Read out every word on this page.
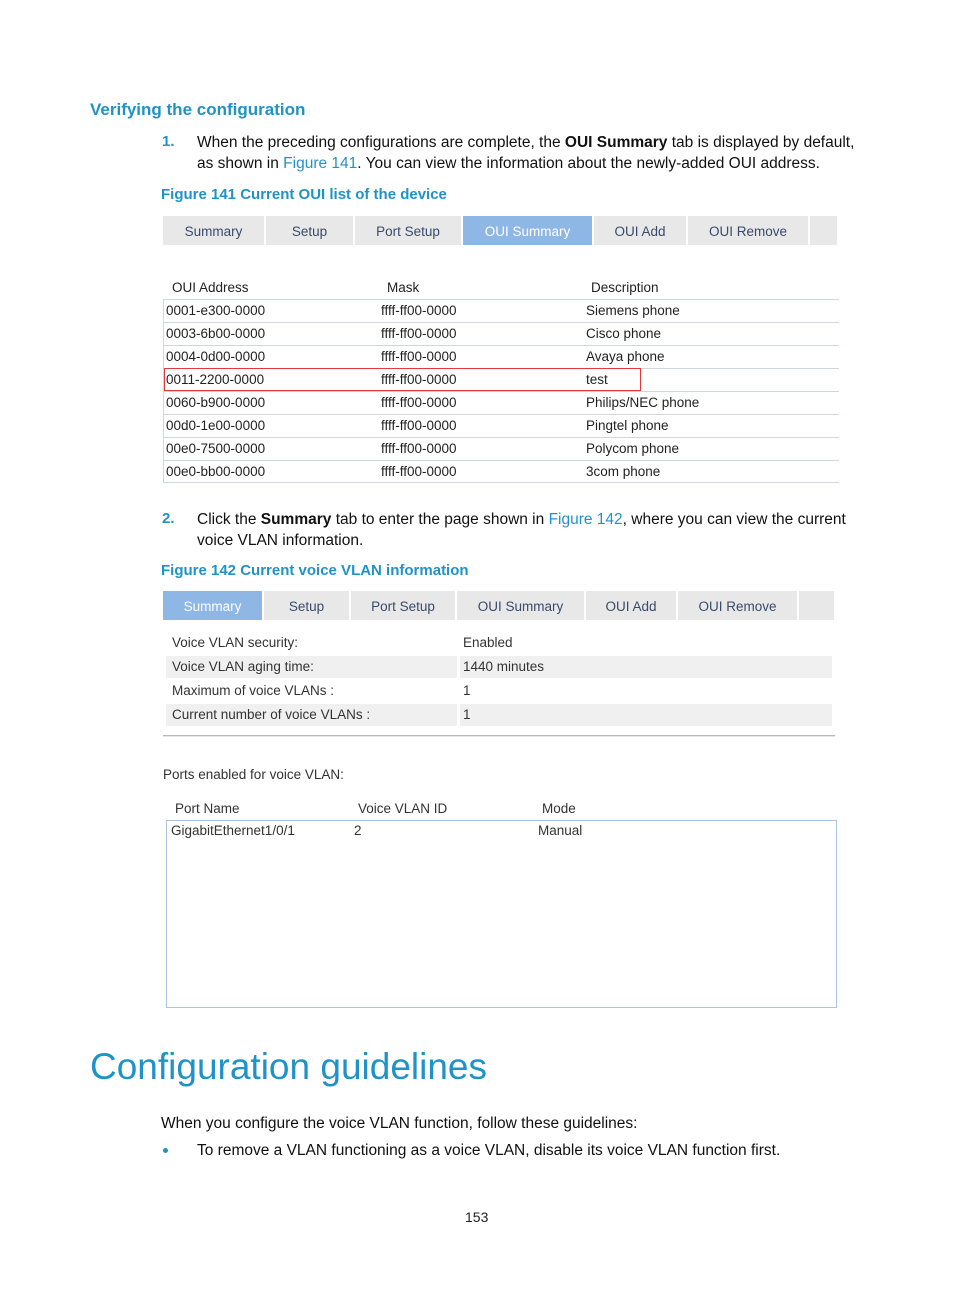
Verifying the configuration
1. When the preceding configurations are complete, the OUI Summary tab is displayed by default,
as shown in Figure 141. You can view the information about the newly-added OUI address.
Figure 141 Current OUI list of the device
Summary	Setup	Port Setup	OUI Summary	OUI Add	OUI Remove
OUI Address	Mask	Description
0001-e300-0000	ffff-ff00-0000	Siemens phone
0003-6b00-0000	ffff-ff00-0000	Cisco phone
0004-0d00-0000	ffff-ff00-0000	Avaya phone
0011-2200-0000	ffff-ff00-0000	test
0060-b900-0000	ffff-ff00-0000	Philips/NEC phone
00d0-1e00-0000	ffff-ff00-0000	Pingtel phone
00e0-7500-0000	ffff-ff00-0000	Polycom phone
00e0-bb00-0000	ffff-ff00-0000	3com phone
2. Click the Summary tab to enter the page shown in Figure 142, where you can view the current
voice VLAN information.
Figure 142 Current voice VLAN information
Summary	Setup	Port Setup	OUI Summary	OUI Add	OUI Remove
Voice VLAN security:	Enabled
Voice VLAN aging time:	1440 minutes
Maximum of voice VLANs :	1
Current number of voice VLANs :	1
Ports enabled for voice VLAN:
Port Name	Voice VLAN ID	Mode
GigabitEthernet1/0/1	2	Manual
Configuration guidelines
When you configure the voice VLAN function, follow these guidelines:
To remove a VLAN functioning as a voice VLAN, disable its voice VLAN function first.
153
